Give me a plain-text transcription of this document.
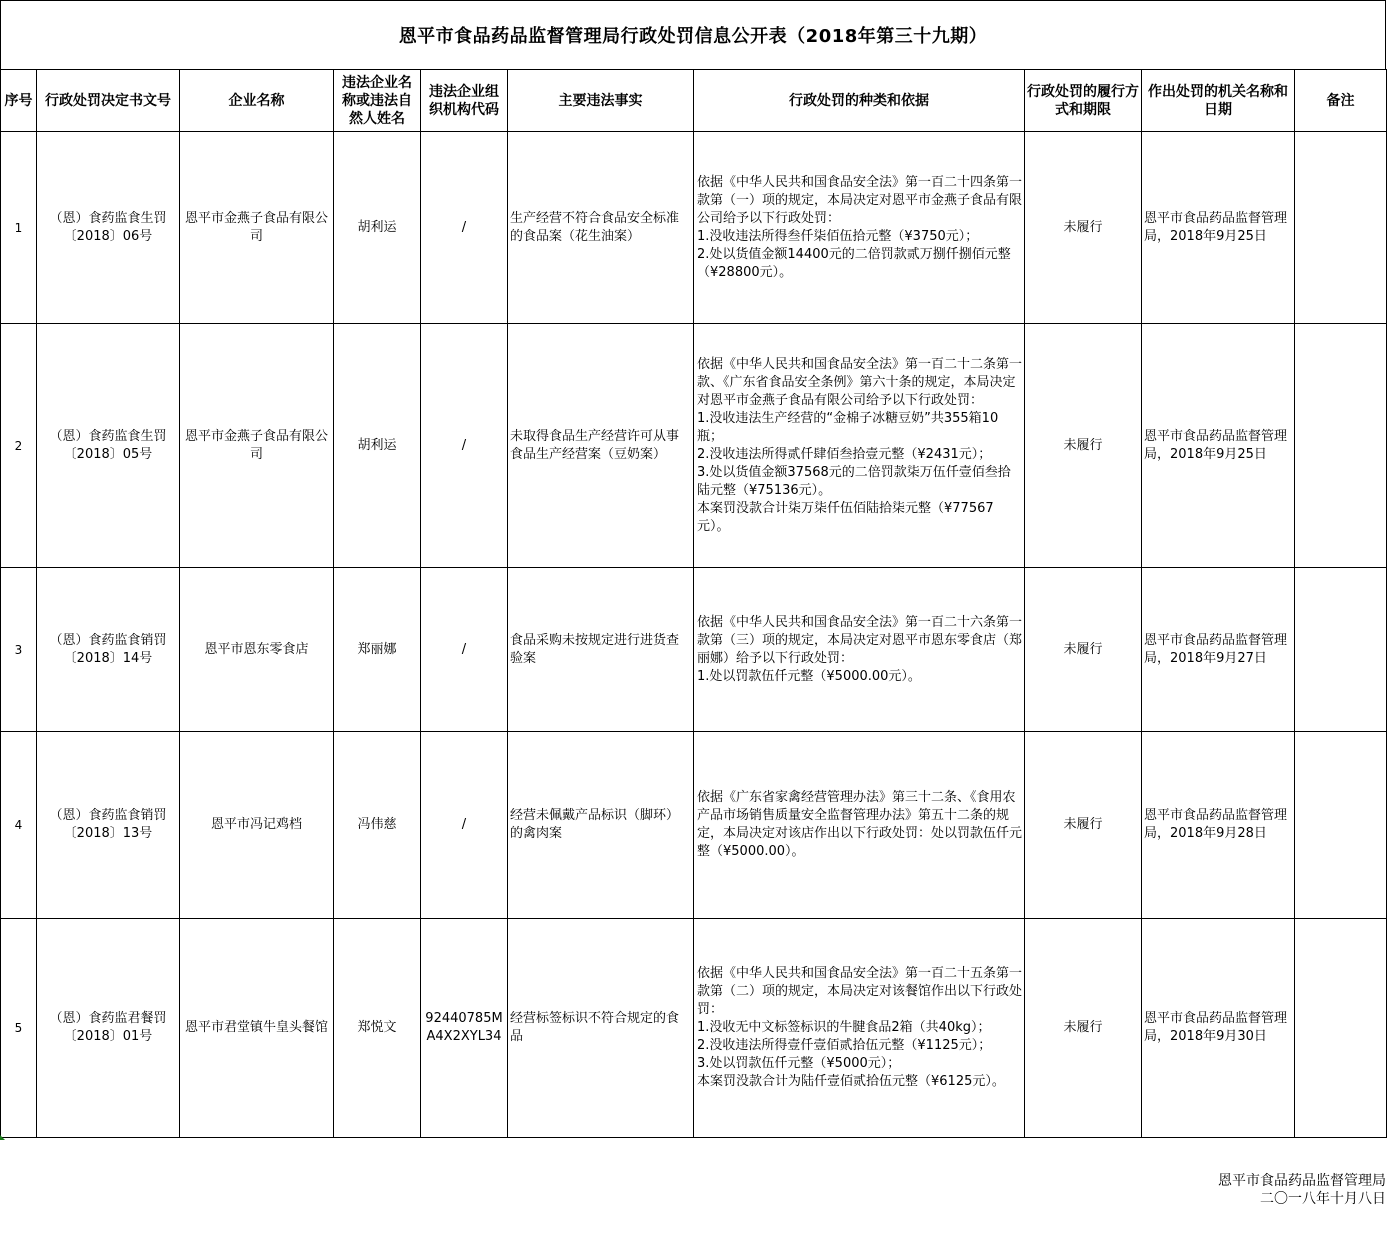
恩平市食品药品监督管理局行政处罚信息公开表（2018年第三十九期）
序号	行政处罚决定书文号	企业名称	违法企业名称或违法自然人姓名	违法企业组织机构代码	主要违法事实	行政处罚的种类和依据	行政处罚的履行方式和期限	作出处罚的机关名称和日期	备注
1	（恩）食药监食生罚〔2018〕06号	恩平市金燕子食品有限公司	胡利运	/	生产经营不符合食品安全标准的食品案（花生油案）	依据《中华人民共和国食品安全法》第一百二十四条第一款第（一）项的规定，本局决定对恩平市金燕子食品有限公司给予以下行政处罚：
1.没收违法所得叁仟柒佰伍拾元整（¥3750元）；
2.处以货值金额14400元的二倍罚款贰万捌仟捌佰元整（¥28800元）。	未履行	恩平市食品药品监督管理局，2018年9月25日	
2	（恩）食药监食生罚〔2018〕05号	恩平市金燕子食品有限公司	胡利运	/	未取得食品生产经营许可从事食品生产经营案（豆奶案）	依据《中华人民共和国食品安全法》第一百二十二条第一款、《广东省食品安全条例》第六十条的规定，本局决定对恩平市金燕子食品有限公司给予以下行政处罚：
1.没收违法生产经营的“金棉子冰糖豆奶”共355箱10瓶；
2.没收违法所得贰仟肆佰叁拾壹元整（¥2431元）；
3.处以货值金额37568元的二倍罚款柒万伍仟壹佰叁拾陆元整（¥75136元）。
本案罚没款合计柒万柒仟伍佰陆拾柒元整（¥77567元）。	未履行	恩平市食品药品监督管理局，2018年9月25日	
3	（恩）食药监食销罚〔2018〕14号	恩平市恩东零食店	郑丽娜	/	食品采购未按规定进行进货查验案	依据《中华人民共和国食品安全法》第一百二十六条第一款第（三）项的规定，本局决定对恩平市恩东零食店（郑丽娜）给予以下行政处罚：
1.处以罚款伍仟元整（¥5000.00元）。	未履行	恩平市食品药品监督管理局，2018年9月27日	
4	（恩）食药监食销罚〔2018〕13号	恩平市冯记鸡档	冯伟慈	/	经营未佩戴产品标识（脚环）的禽肉案	依据《广东省家禽经营管理办法》第三十二条、《食用农产品市场销售质量安全监督管理办法》第五十二条的规定，本局决定对该店作出以下行政处罚：处以罚款伍仟元整（¥5000.00）。	未履行	恩平市食品药品监督管理局，2018年9月28日	
5	（恩）食药监君餐罚〔2018〕01号	恩平市君堂镇牛皇头餐馆	郑悦文	92440785MA4X2XYL34	经营标签标识不符合规定的食品	依据《中华人民共和国食品安全法》第一百二十五条第一款第（二）项的规定，本局决定对该餐馆作出以下行政处罚：
1.没收无中文标签标识的牛腱食品2箱（共40kg）；
2.没收违法所得壹仟壹佰贰拾伍元整（¥1125元）；
3.处以罚款伍仟元整（¥5000元）；
本案罚没款合计为陆仟壹佰贰拾伍元整（¥6125元）。	未履行	恩平市食品药品监督管理局，2018年9月30日	
恩平市食品药品监督管理局
二〇一八年十月八日
